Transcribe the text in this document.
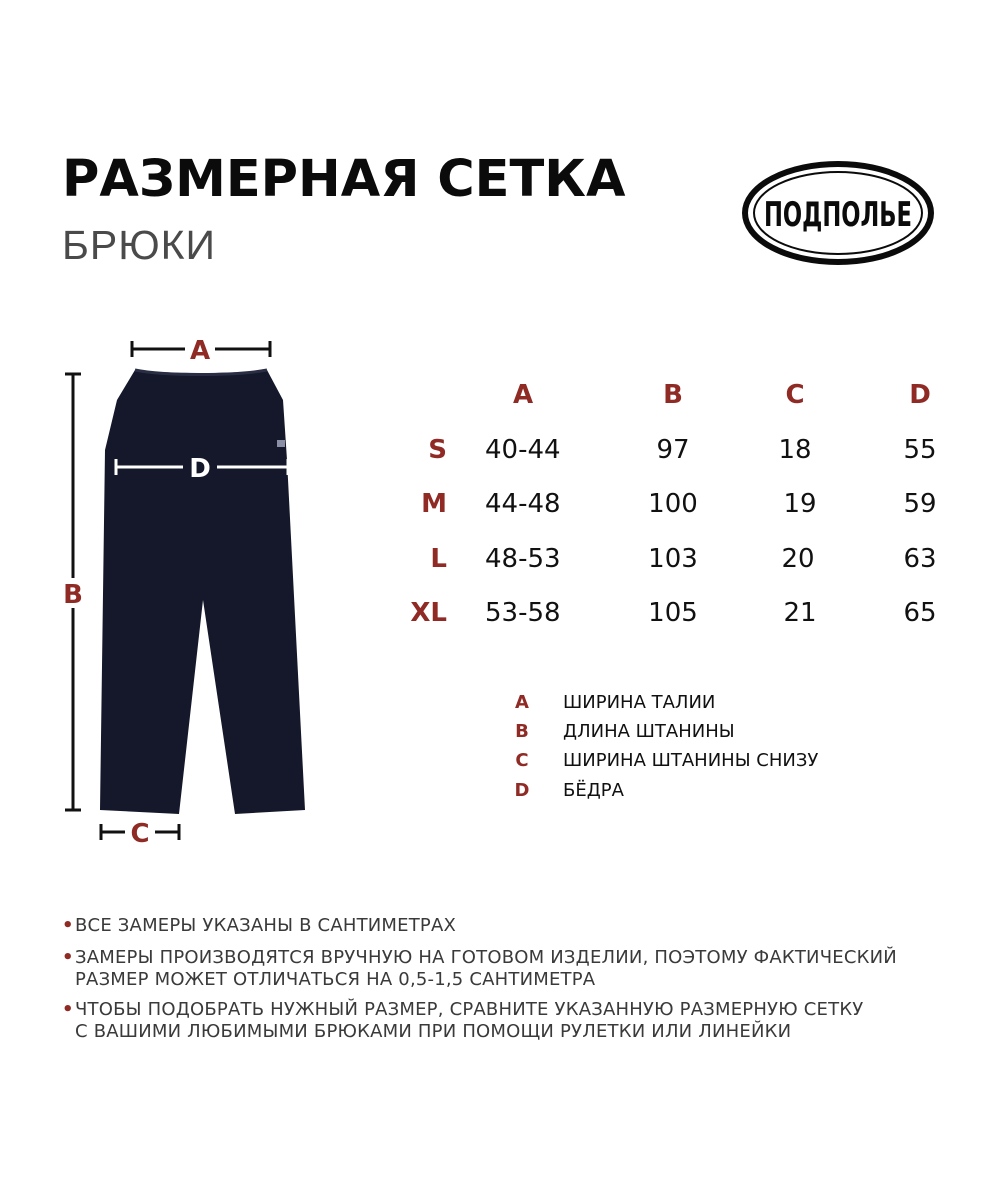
РАЗМЕРНАЯ СЕТКА
БРЮКИ
ПОДПОЛЬЕ
A
B
C
D
A	B	C	D
S 40-44	97	18	55
M 44-48	100	19	59
L 48-53	103	20	63
XL 53-58	105	21	65
A ШИРИНА ТАЛИИ
B ДЛИНА ШТАНИНЫ
C ШИРИНА ШТАНИНЫ СНИЗУ
D БЁДРА
• ВСЕ ЗАМЕРЫ УКАЗАНЫ В САНТИМЕТРАХ
• ЗАМЕРЫ ПРОИЗВОДЯТСЯ ВРУЧНУЮ НА ГОТОВОМ ИЗДЕЛИИ, ПОЭТОМУ ФАКТИЧЕСКИЙ
РАЗМЕР МОЖЕТ ОТЛИЧАТЬСЯ НА 0,5-1,5 САНТИМЕТРА
• ЧТОБЫ ПОДОБРАТЬ НУЖНЫЙ РАЗМЕР, СРАВНИТЕ УКАЗАННУЮ РАЗМЕРНУЮ СЕТКУ
С ВАШИМИ ЛЮБИМЫМИ БРЮКАМИ ПРИ ПОМОЩИ РУЛЕТКИ ИЛИ ЛИНЕЙКИ
